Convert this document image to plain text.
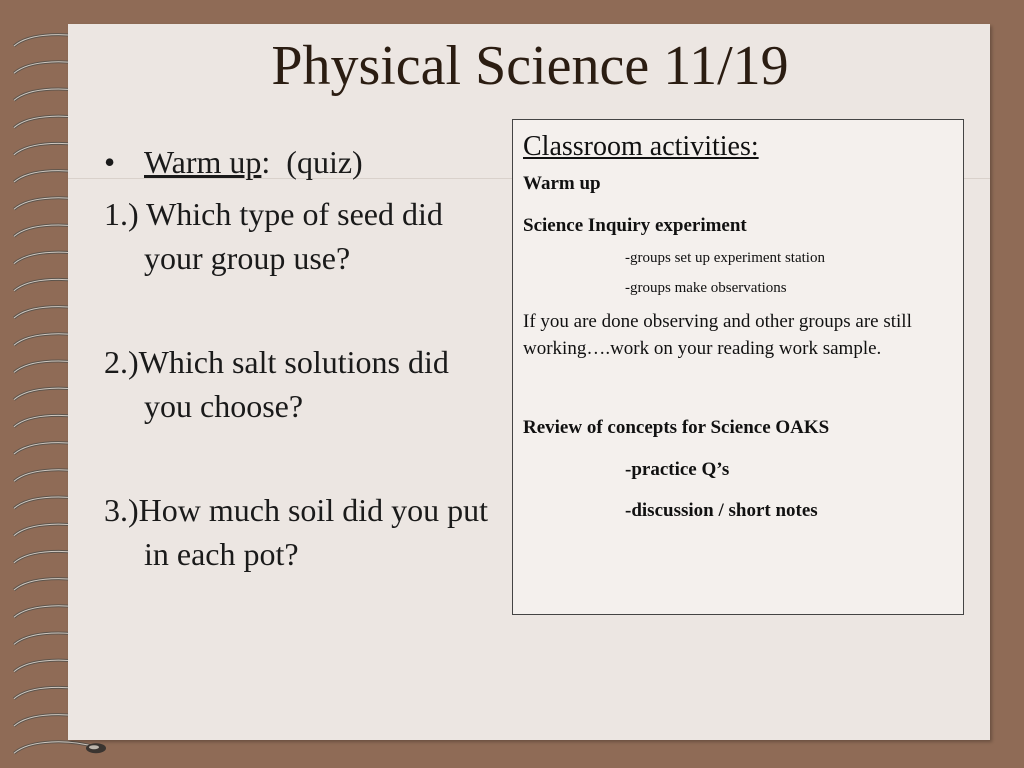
Physical Science 11/19
• Warm up:  (quiz)
1.) Which type of seed did your group use?
2.)Which salt solutions did you choose?
3.)How much soil did you put in each pot?
Classroom activities:
Warm up
Science Inquiry experiment
-groups set up experiment station
-groups make observations
If you are done observing and other groups are still working….work on your reading work sample.
Review of concepts for Science OAKS
-practice Q’s
-discussion / short notes
